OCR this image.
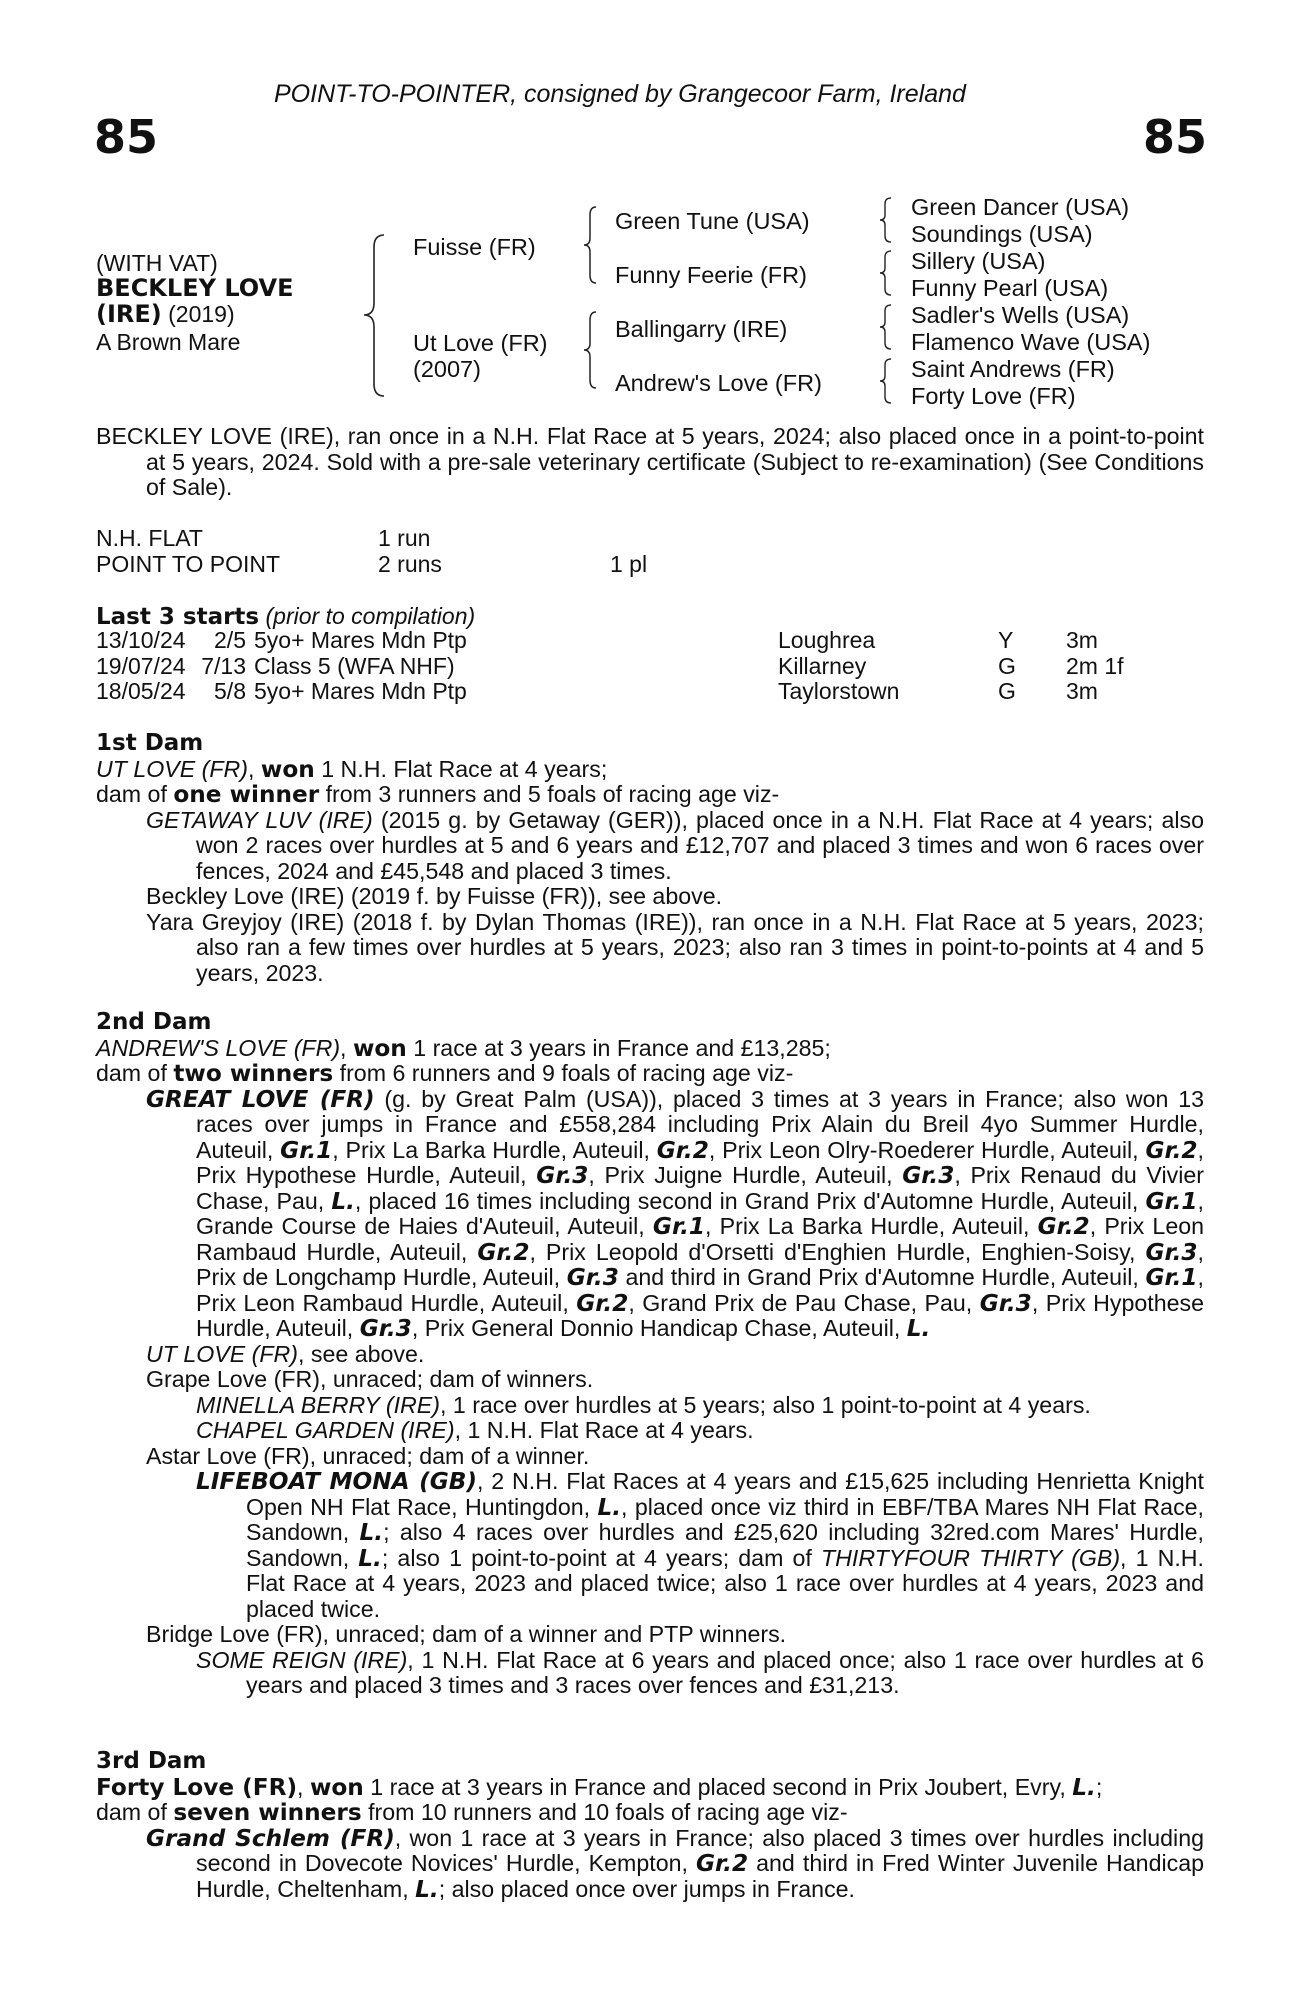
POINT-TO-POINTER, consigned by Grangecoor Farm, Ireland
85	85
(WITH VAT)
BECKLEY LOVE
(IRE) (2019)
A Brown Mare
Fuisse (FR)
Ut Love (FR)
(2007)
Green Tune (USA)
Funny Feerie (FR)
Ballingarry (IRE)
Andrew's Love (FR)
Green Dancer (USA)
Soundings (USA)
Sillery (USA)
Funny Pearl (USA)
Sadler's Wells (USA)
Flamenco Wave (USA)
Saint Andrews (FR)
Forty Love (FR)

BECKLEY LOVE (IRE), ran once in a N.H. Flat Race at 5 years, 2024; also placed once in a point-to-point at 5 years, 2024. Sold with a pre-sale veterinary certificate (Subject to re-examination) (See Conditions of Sale).

N.H. FLAT	1 run
POINT TO POINT	2 runs	1 pl
Last 3 starts (prior to compilation)
13/10/24	2/5	5yo+ Mares Mdn Ptp	Loughrea	Y	3m
19/07/24	7/13	Class 5 (WFA NHF)	Killarney	G	2m 1f
18/05/24	5/8	5yo+ Mares Mdn Ptp	Taylorstown	G	3m
1st Dam

UT LOVE (FR), won 1 N.H. Flat Race at 4 years;

dam of one winner from 3 runners and 5 foals of racing age viz-

GETAWAY LUV (IRE) (2015 g. by Getaway (GER)), placed once in a N.H. Flat Race at 4 years; also won 2 races over hurdles at 5 and 6 years and £12,707 and placed 3 times and won 6 races over fences, 2024 and £45,548 and placed 3 times.

Beckley Love (IRE) (2019 f. by Fuisse (FR)), see above.

Yara Greyjoy (IRE) (2018 f. by Dylan Thomas (IRE)), ran once in a N.H. Flat Race at 5 years, 2023; also ran a few times over hurdles at 5 years, 2023; also ran 3 times in point-to-points at 4 and 5 years, 2023.

2nd Dam

ANDREW'S LOVE (FR), won 1 race at 3 years in France and £13,285;

dam of two winners from 6 runners and 9 foals of racing age viz-

GREAT LOVE (FR) (g. by Great Palm (USA)), placed 3 times at 3 years in France; also won 13 races over jumps in France and £558,284 including Prix Alain du Breil 4yo Summer Hurdle, Auteuil, Gr.1, Prix La Barka Hurdle, Auteuil, Gr.2, Prix Leon Olry-Roederer Hurdle, Auteuil, Gr.2, Prix Hypothese Hurdle, Auteuil, Gr.3, Prix Juigne Hurdle, Auteuil, Gr.3, Prix Renaud du Vivier Chase, Pau, L., placed 16 times including second in Grand Prix d'Automne Hurdle, Auteuil, Gr.1, Grande Course de Haies d'Auteuil, Auteuil, Gr.1, Prix La Barka Hurdle, Auteuil, Gr.2, Prix Leon Rambaud Hurdle, Auteuil, Gr.2, Prix Leopold d'Orsetti d'Enghien Hurdle, Enghien-Soisy, Gr.3, Prix de Longchamp Hurdle, Auteuil, Gr.3 and third in Grand Prix d'Automne Hurdle, Auteuil, Gr.1, Prix Leon Rambaud Hurdle, Auteuil, Gr.2, Grand Prix de Pau Chase, Pau, Gr.3, Prix Hypothese Hurdle, Auteuil, Gr.3, Prix General Donnio Handicap Chase, Auteuil, L.

UT LOVE (FR), see above.

Grape Love (FR), unraced; dam of winners.

MINELLA BERRY (IRE), 1 race over hurdles at 5 years; also 1 point-to-point at 4 years.

CHAPEL GARDEN (IRE), 1 N.H. Flat Race at 4 years.

Astar Love (FR), unraced; dam of a winner.

LIFEBOAT MONA (GB), 2 N.H. Flat Races at 4 years and £15,625 including Henrietta Knight Open NH Flat Race, Huntingdon, L., placed once viz third in EBF/TBA Mares NH Flat Race, Sandown, L.; also 4 races over hurdles and £25,620 including 32red.com Mares' Hurdle, Sandown, L.; also 1 point-to-point at 4 years; dam of THIRTYFOUR THIRTY (GB), 1 N.H. Flat Race at 4 years, 2023 and placed twice; also 1 race over hurdles at 4 years, 2023 and placed twice.

Bridge Love (FR), unraced; dam of a winner and PTP winners.

SOME REIGN (IRE), 1 N.H. Flat Race at 6 years and placed once; also 1 race over hurdles at 6 years and placed 3 times and 3 races over fences and £31,213.

3rd Dam

Forty Love (FR), won 1 race at 3 years in France and placed second in Prix Joubert, Evry, L.;

dam of seven winners from 10 runners and 10 foals of racing age viz-

Grand Schlem (FR), won 1 race at 3 years in France; also placed 3 times over hurdles including second in Dovecote Novices' Hurdle, Kempton, Gr.2 and third in Fred Winter Juvenile Handicap Hurdle, Cheltenham, L.; also placed once over jumps in France.
